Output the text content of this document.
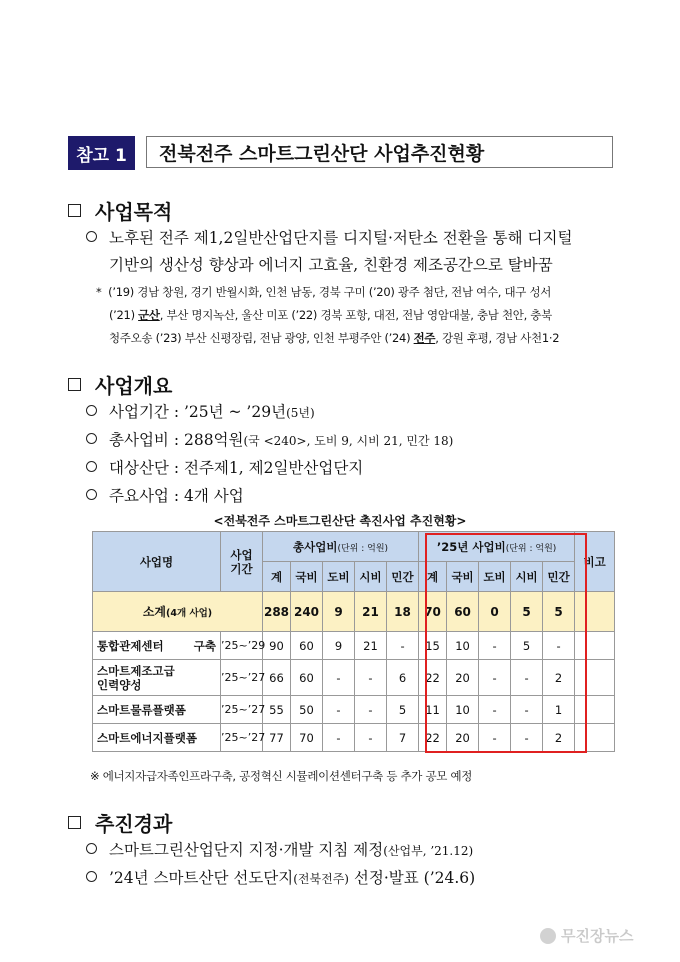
참고 1	전북전주 스마트그린산단 사업추진현황
사업목적
노후된 전주 제1,2일반산업단지를 디지털·저탄소 전환을 통해 디지털
기반의 생산성 향상과 에너지 고효율, 친환경 제조공간으로 탈바꿈
* (’19) 경남 창원, 경기 반월시화, 인천 남동, 경북 구미 (’20) 광주 첨단, 전남 여수, 대구 성서
(’21) 군산, 부산 명지녹산, 울산 미포 (’22) 경북 포항, 대전, 전남 영암대불, 충남 천안, 충북
청주오송 (’23) 부산 신평장림, 전남 광양, 인천 부평주안 (’24) 전주, 강원 후평, 경남 사천1·2
사업개요
사업기간 : ’25년 ~ ’29년(5년)
총사업비 : 288억원(국 <240>, 도비 9, 시비 21, 민간 18)
대상산단 : 전주제1, 제2일반산업단지
주요사업 : 4개 사업
<전북전주 스마트그린산단 촉진사업 추진현황>
사업명	사업
기간	총사업비(단위 : 억원)					’25년 사업비(단위 : 억원)					비고
		계	국비	도비	시비	민간	계	국비	도비	시비	민간	
소계(4개 사업)		288	240	9	21	18	70	60	0	5	5	
통합관제센터 구축	’25~’29	90	60	9	21	-	15	10	-	5	-	

스마트제조고급
인력양성	’25~’27	66	60	-	-	6	22	20	-	-	2	
스마트물류플랫폼	’25~’27	55	50	-	-	5	11	10	-	-	1	
스마트에너지플랫폼	’25~’27	77	70	-	-	7	22	20	-	-	2	
※ 에너지자급자족인프라구축, 공정혁신 시뮬레이션센터구축 등 추가 공모 예정
추진경과
스마트그린산업단지 지정·개발 지침 제정(산업부, ’21.12)
’24년 스마트산단 선도단지(전북전주) 선정·발표 (’24.6)
무진장뉴스
